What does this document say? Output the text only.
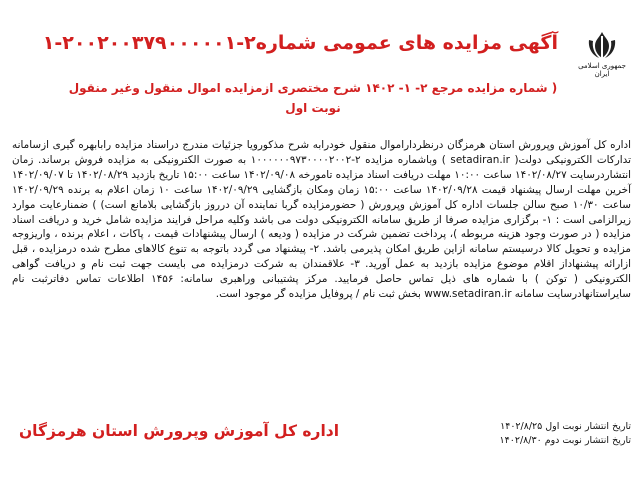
جمهوری اسلامی ایران
آگهی مزایده های عمومی شماره۲-۲۰۰۲۰۰۳۷۹۰۰۰۰۰۱-۱
( شماره مزایده مرجع ۲- ۱- ۱۴۰۲ شرح مختصری ازمزایده اموال منقول وغیر منقول
نوبت اول
اداره کل آموزش وپرورش استان هرمزگان درنظرداراموال منقول خودرابه شرح مذکورویا جزئیات مندرج دراسناد مزایده رابابهره گیری ازسامانه تدارکات الکترونیکی دولت( setadiran.ir ) وباشماره مزایده ۲-۱۰۰۰۰۰۰۹۷۳۰۰۰۰۲۰۰۲ به صورت الکترونیکی به مزایده فروش برساند. زمان انتشاردرسایت ۱۴۰۲/۰۸/۲۷ ساعت ۱۰:۰۰ مهلت دریافت اسناد مزایده تامورخه ۱۴۰۲/۰۹/۰۸ ساعت ۱۵:۰۰ تاریخ بازدید ۱۴۰۲/۰۸/۲۹ تا ۱۴۰۲/۰۹/۰۷ آخرین مهلت ارسال پیشنهاد قیمت ۱۴۰۲/۰۹/۲۸ ساعت ۱۵:۰۰ زمان ومکان بازگشایی ۱۴۰۲/۰۹/۲۹ ساعت ۱۰ زمان اعلام به برنده ۱۴۰۲/۰۹/۲۹ ساعت ۱۰/۳۰ صبح سالن جلسات اداره کل آموزش وپرورش ( حضورمزایده گربا نماینده آن درروز بازگشایی بلامانع است) ) ضمنارعایت موارد زیرالزامی است : ۱- برگزاری مزایده صرفا از طریق سامانه الکترونیکی دولت می باشد وکلیه مراحل فرایند مزایده شامل خرید و دریافت اسناد مزایده ( در صورت وجود هزینه مربوطه )، پرداخت تضمین شرکت در مزایده ( ودیعه ) ارسال پیشنهادات قیمت ، پاکات ، اعلام برنده ، واریزوجه مزایده و تحویل کالا درسیستم سامانه ازاین طریق امکان پذیرمی باشد. ۲- پیشنهاد می گردد باتوجه به تنوع کالاهای مطرح شده درمزایده ، قبل ازارائه پیشنهاداز اقلام موضوع مزایده بازدید به عمل آورید. ۳- علاقمندان به شرکت درمزایده می بایست جهت ثبت نام و دریافت گواهی الکترونیکی ( توکن ) با شماره های ذیل تماس حاصل فرمایید. مرکز پشتیبانی وراهبری سامانه: ۱۴۵۶ اطلاعات تماس دفاترثبت نام سایراستانهادرسایت سامانه www.setadiran.ir بخش ثبت نام / پروفایل مزایده گر موجود است.
تاریخ انتشار نوبت اول ۱۴۰۲/۸/۲۵
تاریخ انتشار نوبت دوم ۱۴۰۲/۸/۳۰
اداره کل آموزش وپرورش استان هرمزگان
